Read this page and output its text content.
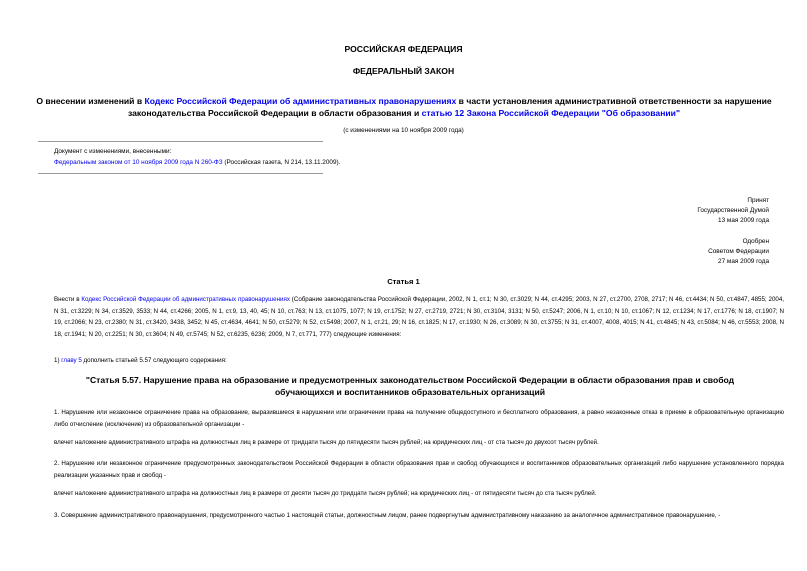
РОССИЙСКАЯ ФЕДЕРАЦИЯ
ФЕДЕРАЛЬНЫЙ ЗАКОН
О внесении изменений в Кодекс Российской Федерации об административных правонарушениях в части установления административной ответственности за нарушение законодательства Российской Федерации в области образования и статью 12 Закона Российской Федерации "Об образовании"
(с изменениями на 10 ноября 2009 года)
Документ с изменениями, внесенными:
Федеральным законом от 10 ноября 2009 года N 260-ФЗ (Российская газета, N 214, 13.11.2009).
Принят
Государственной Думой
13 мая 2009 года
Одобрен
Советом Федерации
27 мая 2009 года
Статья 1
Внести в Кодекс Российской Федерации об административных правонарушениях (Собрание законодательства Российской Федерации, 2002, N 1, ст.1; N 30, ст.3029; N 44, ст.4295; 2003, N 27, ст.2700, 2708, 2717; N 46, ст.4434; N 50, ст.4847, 4855; 2004, N 31, ст.3229; N 34, ст.3529, 3533; N 44, ст.4266; 2005, N 1, ст.9, 13, 40, 45; N 10, ст.763; N 13, ст.1075, 1077; N 19, ст.1752; N 27, ст.2719, 2721; N 30, ст.3104, 3131; N 50, ст.5247; 2006, N 1, ст.10; N 10, ст.1067; N 12, ст.1234; N 17, ст.1776; N 18, ст.1907; N 19, ст.2066; N 23, ст.2380; N 31, ст.3420, 3438, 3452; N 45, ст.4634, 4641; N 50, ст.5279; N 52, ст.5498; 2007, N 1, ст.21, 29; N 16, ст.1825; N 17, ст.1930; N 26, ст.3089; N 30, ст.3755; N 31, ст.4007, 4008, 4015; N 41, ст.4845; N 43, ст.5084; N 46, ст.5553; 2008, N 18, ст.1941; N 20, ст.2251; N 30, ст.3604; N 49, ст.5745; N 52, ст.6235, 6236; 2009, N 7, ст.771, 777) следующие изменения:
1) главу 5 дополнить статьей 5.57 следующего содержания:
"Статья 5.57. Нарушение права на образование и предусмотренных законодательством Российской Федерации в области образования прав и свобод обучающихся и воспитанников образовательных организаций
1. Нарушение или незаконное ограничение права на образование, выразившиеся в нарушении или ограничении права на получение общедоступного и бесплатного образования, а равно незаконные отказ в приеме в образовательную организацию либо отчисление (исключение) из образовательной организации -
влечет наложение административного штрафа на должностных лиц в размере от тридцати тысяч до пятидесяти тысяч рублей; на юридических лиц - от ста тысяч до двухсот тысяч рублей.
2. Нарушение или незаконное ограничение предусмотренных законодательством Российской Федерации в области образования прав и свобод обучающихся и воспитанников образовательных организаций либо нарушение установленного порядка реализации указанных прав и свобод -
влечет наложение административного штрафа на должностных лиц в размере от десяти тысяч до тридцати тысяч рублей; на юридических лиц - от пятидесяти тысяч до ста тысяч рублей.
3. Совершение административного правонарушения, предусмотренного частью 1 настоящей статьи, должностным лицом, ранее подвергнутым административному наказанию за аналогичное административное правонарушение, -
